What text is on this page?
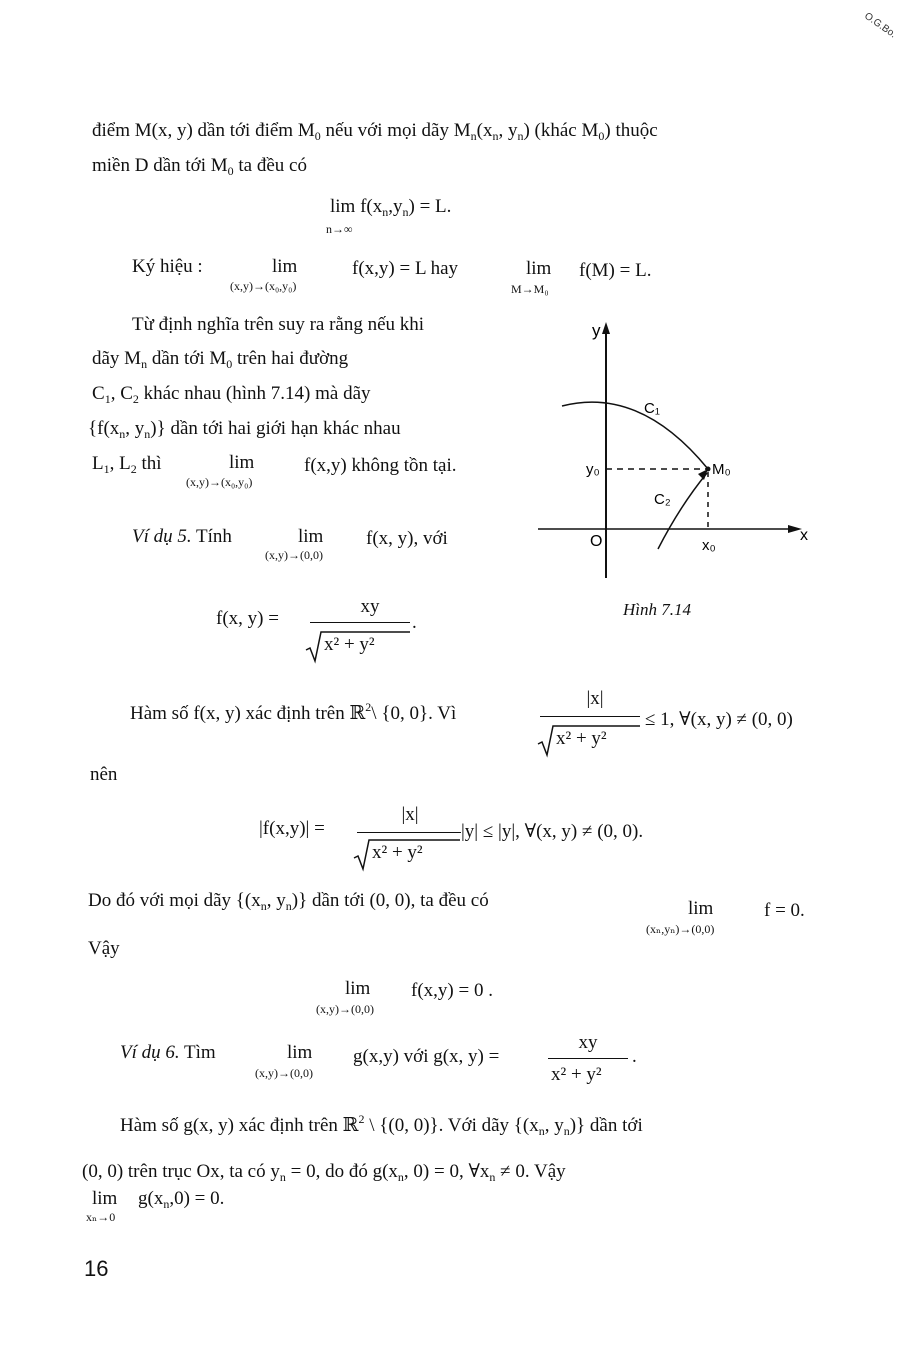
O.G.Bo.
điểm M(x, y) dần tới điểm $M_0$ nếu với mọi dãy $M_n(x_n$, $y_n$) (khác $M_0$) thuộc
miền D dần tới $M_0$ ta đều có
$\lim f(x_n,y_n) = L$.
n→∞
Ký hiệu :	lim
(x,y)→(x₀,y₀)
f(x,y) = L hay	lim
M→M₀
f(M) = L.
Từ định nghĩa trên suy ra rằng nếu khi
dãy $M_n$ dần tới $M_0$ trên hai đường
$C_1$, $C_2$ khác nhau (hình 7.14) mà dãy
{$f(x_n$, $y_n$)} dần tới hai giới hạn khác nhau
$L_1$, $L_2$ thì	lim
(x,y)→(x₀,y₀)
f(x,y) không tồn tại.
Ví dụ 5. Tính	lim
(x,y)→(0,0)
f(x, y), với
f(x, y) =
xy
x² + y²
.
y
x
O
y₀
x₀
C₁
C₂
M₀
Hình 7.14
Hàm số f(x, y) xác định trên ℝ$^2$\ {0, 0}. Vì
|x|
x² + y²
≤ 1, ∀(x, y) ≠ (0, 0)
nên
|f(x,y)| =
|x|
x² + y²
|y| ≤ |y|, ∀(x, y) ≠ (0, 0).
Do đó với mọi dãy {($x_n$, $y_n$)} dần tới (0, 0), ta đều có	lim
(xₙ,yₙ)→(0,0)
f = 0.
Vậy
lim
(x,y)→(0,0)
f(x,y) = 0 .
Ví dụ 6. Tìm	lim
(x,y)→(0,0)
g(x,y) với g(x, y) =
xy
x² + y²
.
Hàm số g(x, y) xác định trên ℝ$^2$ \ {(0, 0)}. Với dãy {($x_n$, $y_n$)} dần tới
(0, 0) trên trục Ox, ta có $y_n = 0$, do đó $g(x_n$, 0) = 0, $\forall x_n \ne 0$. Vậy
lim
xₙ→0
$g(x_n,0) = 0$.
16
